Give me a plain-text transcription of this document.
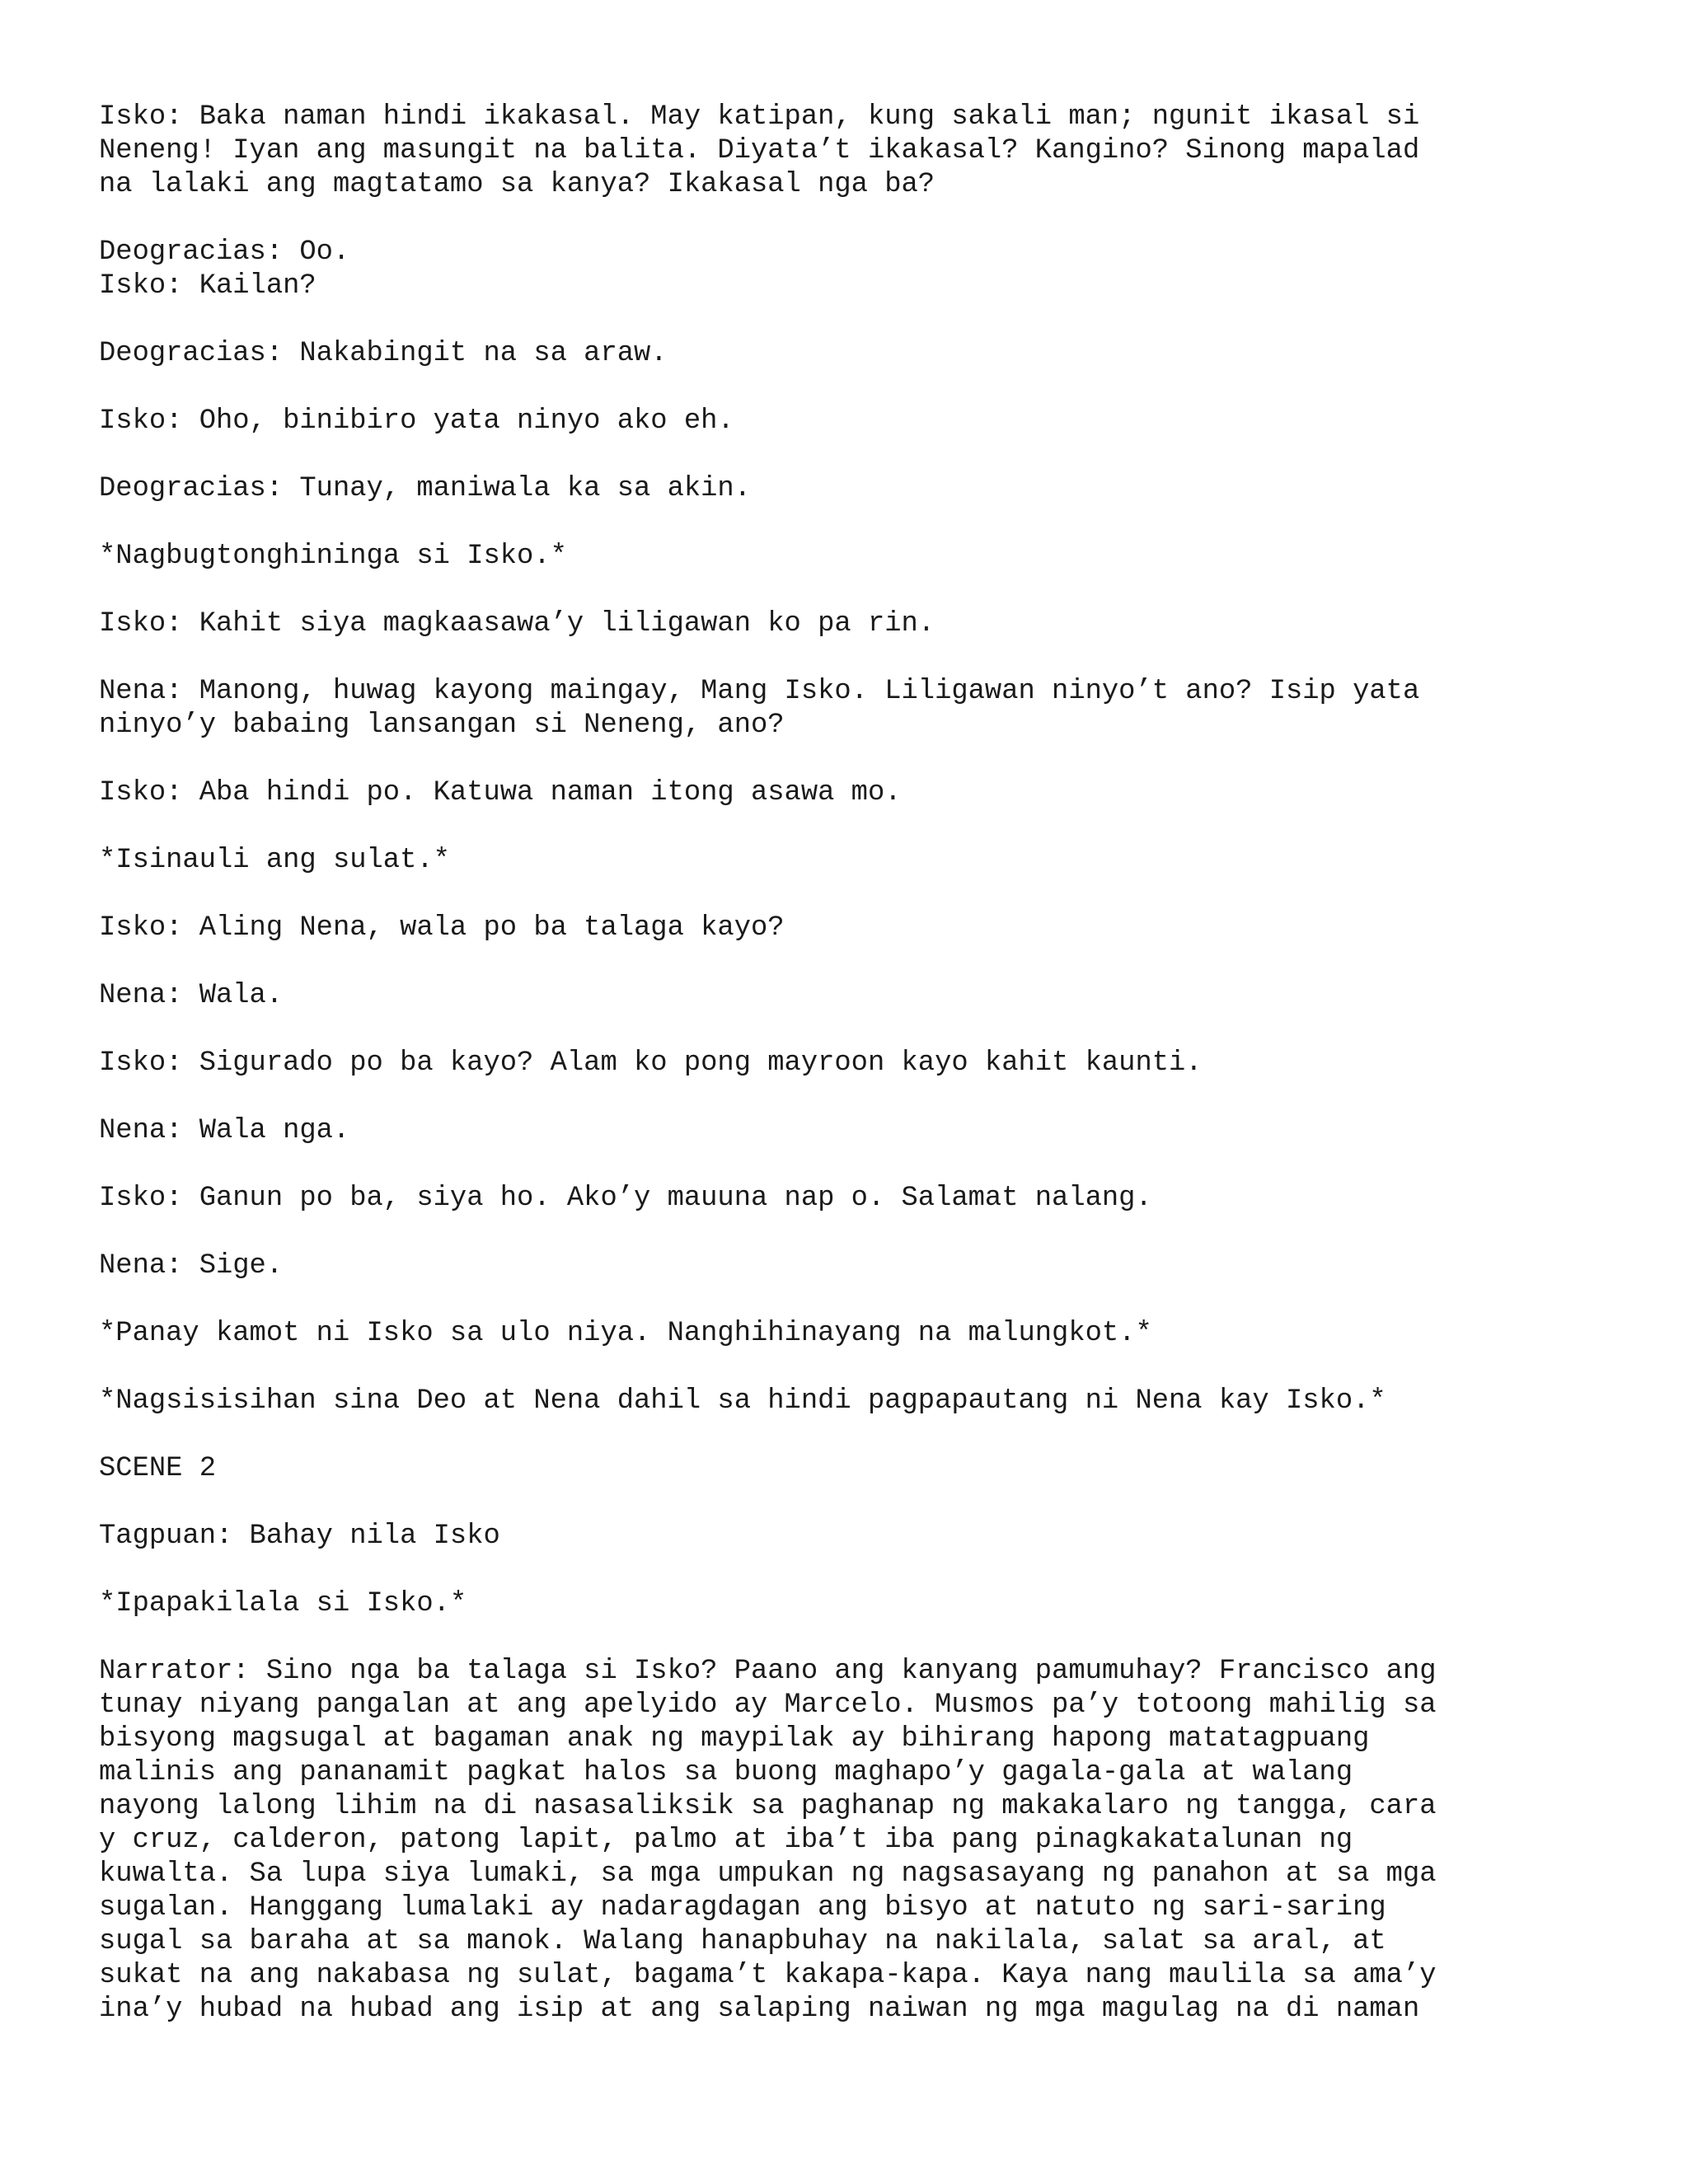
Isko: Baka naman hindi ikakasal. May katipan, kung sakali man; ngunit ikasal si
Neneng! Iyan ang masungit na balita. Diyata’t ikakasal? Kangino? Sinong mapalad
na lalaki ang magtatamo sa kanya? Ikakasal nga ba?
Deogracias: Oo.
Isko: Kailan?
Deogracias: Nakabingit na sa araw.
Isko: Oho, binibiro yata ninyo ako eh.
Deogracias: Tunay, maniwala ka sa akin.
*Nagbugtonghininga si Isko.*
Isko: Kahit siya magkaasawa’y liligawan ko pa rin.
Nena: Manong, huwag kayong maingay, Mang Isko. Liligawan ninyo’t ano? Isip yata
ninyo’y babaing lansangan si Neneng, ano?
Isko: Aba hindi po. Katuwa naman itong asawa mo.
*Isinauli ang sulat.*
Isko: Aling Nena, wala po ba talaga kayo?
Nena: Wala.
Isko: Sigurado po ba kayo? Alam ko pong mayroon kayo kahit kaunti.
Nena: Wala nga.
Isko: Ganun po ba, siya ho. Ako’y mauuna nap o. Salamat nalang.
Nena: Sige.
*Panay kamot ni Isko sa ulo niya. Nanghihinayang na malungkot.*
*Nagsisisihan sina Deo at Nena dahil sa hindi pagpapautang ni Nena kay Isko.*
SCENE 2
Tagpuan: Bahay nila Isko
*Ipapakilala si Isko.*
Narrator: Sino nga ba talaga si Isko? Paano ang kanyang pamumuhay? Francisco ang
tunay niyang pangalan at ang apelyido ay Marcelo. Musmos pa’y totoong mahilig sa
bisyong magsugal at bagaman anak ng maypilak ay bihirang hapong matatagpuang
malinis ang pananamit pagkat halos sa buong maghapo’y gagala-gala at walang
nayong lalong lihim na di nasasaliksik sa paghanap ng makakalaro ng tangga, cara
y cruz, calderon, patong lapit, palmo at iba’t iba pang pinagkakatalunan ng
kuwalta. Sa lupa siya lumaki, sa mga umpukan ng nagsasayang ng panahon at sa mga
sugalan. Hanggang lumalaki ay nadaragdagan ang bisyo at natuto ng sari-saring
sugal sa baraha at sa manok. Walang hanapbuhay na nakilala, salat sa aral, at
sukat na ang nakabasa ng sulat, bagama’t kakapa-kapa. Kaya nang maulila sa ama’y
ina’y hubad na hubad ang isip at ang salaping naiwan ng mga magulag na di naman
